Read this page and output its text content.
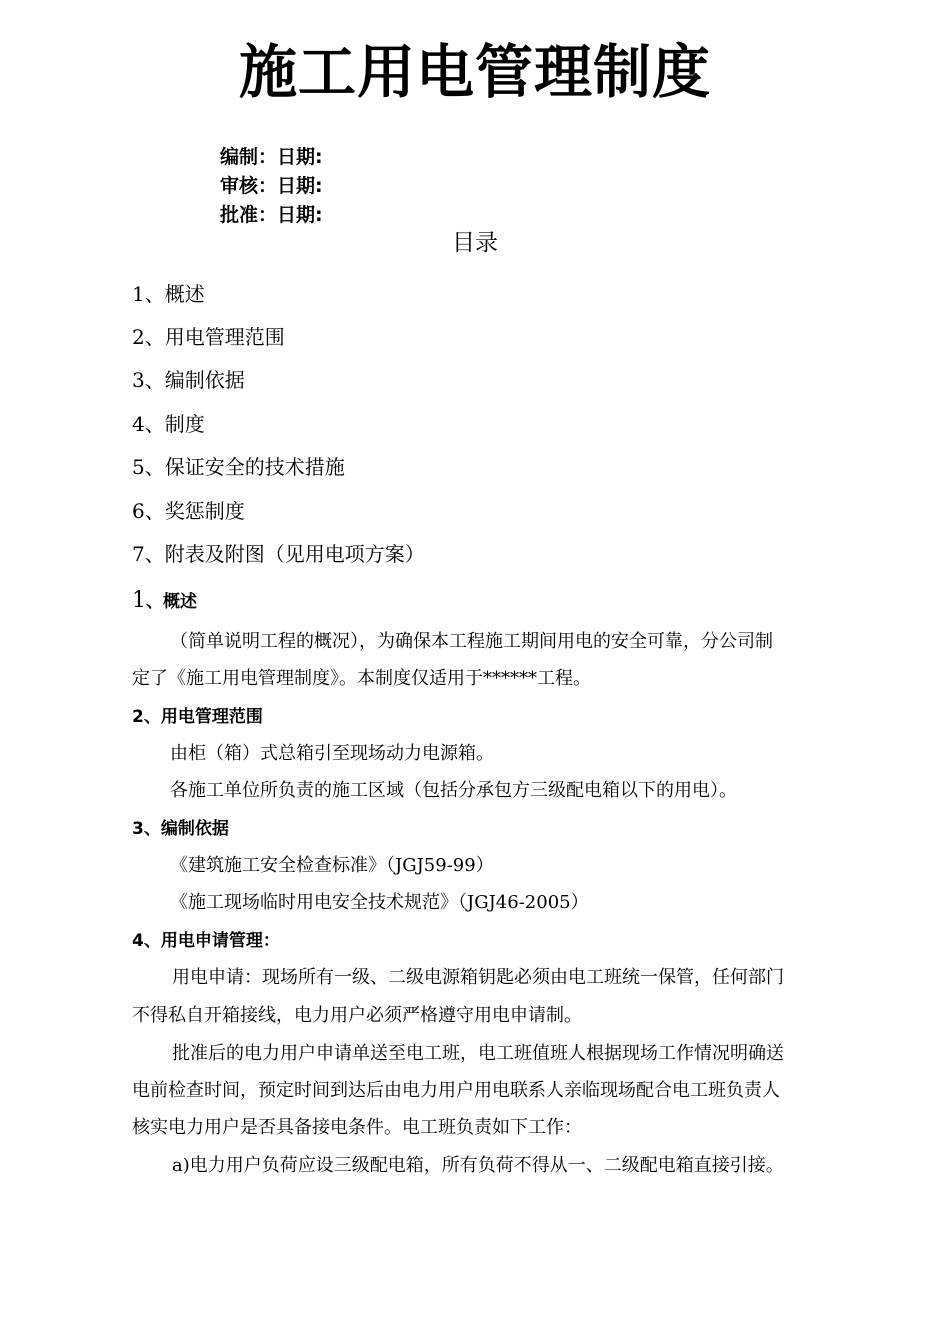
施工用电管理制度
编制：日期:
审核：日期:
批准：日期:
目录
1、概述
2、用电管理范围
3、编制依据
4、制度
5、保证安全的技术措施
6、奖惩制度
7、附表及附图（见用电项方案）
1、概述
（简单说明工程的概况），为确保本工程施工期间用电的安全可靠，分公司制
定了《施工用电管理制度》。本制度仅适用于******工程。
2、用电管理范围
由柜（箱）式总箱引至现场动力电源箱。
各施工单位所负责的施工区域（包括分承包方三级配电箱以下的用电）。
3、编制依据
《建筑施工安全检查标准》（JGJ59-99）
《施工现场临时用电安全技术规范》（JGJ46-2005）
4、用电申请管理：
用电申请：现场所有一级、二级电源箱钥匙必须由电工班统一保管，任何部门
不得私自开箱接线，电力用户必须严格遵守用电申请制。
批准后的电力用户申请单送至电工班，电工班值班人根据现场工作情况明确送
电前检查时间，预定时间到达后由电力用户用电联系人亲临现场配合电工班负责人
核实电力用户是否具备接电条件。电工班负责如下工作：
a)电力用户负荷应设三级配电箱，所有负荷不得从一、二级配电箱直接引接。
